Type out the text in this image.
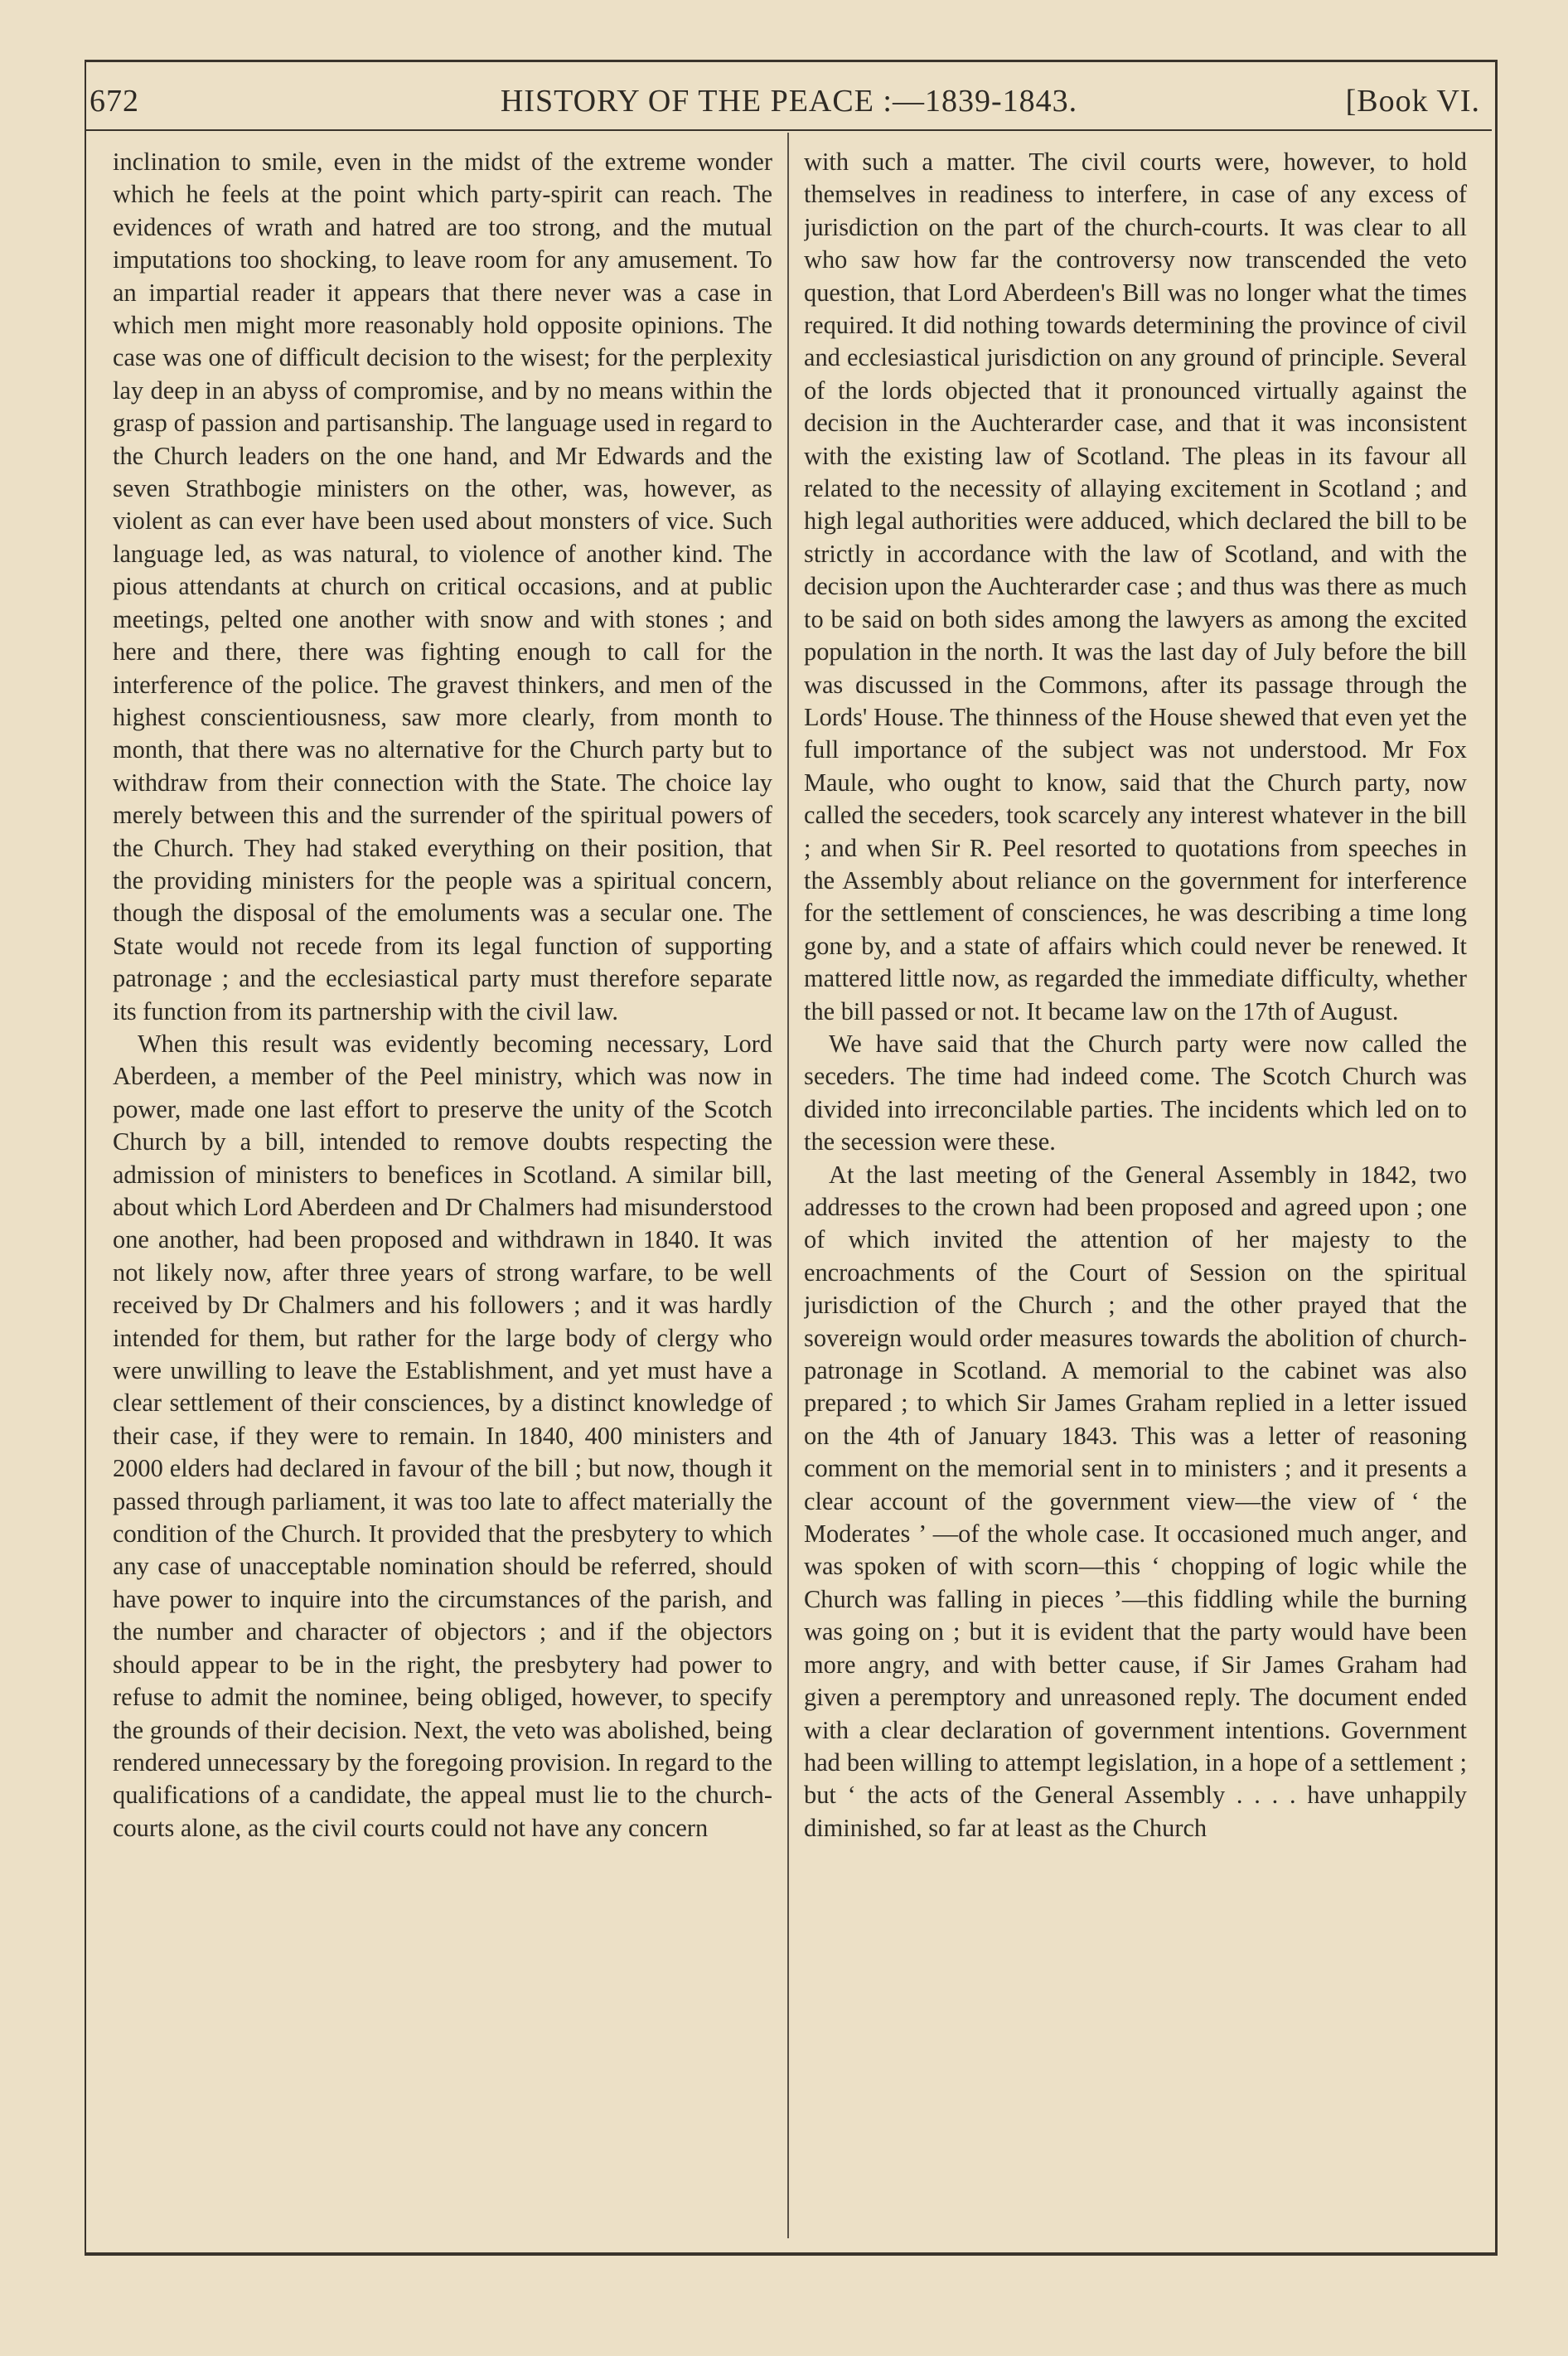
672	HISTORY OF THE PEACE :—1839-1843.	[Book VI.

inclination to smile, even in the midst of the extreme wonder which he feels at the point which party-spirit can reach. The evidences of wrath and hatred are too strong, and the mutual imputations too shocking, to leave room for any amusement. To an impartial reader it appears that there never was a case in which men might more reasonably hold opposite opinions. The case was one of difficult decision to the wisest; for the perplexity lay deep in an abyss of compromise, and by no means within the grasp of passion and partisanship. The language used in regard to the Church leaders on the one hand, and Mr Edwards and the seven Strathbogie ministers on the other, was, however, as violent as can ever have been used about monsters of vice. Such language led, as was natural, to violence of another kind. The pious attendants at church on critical occasions, and at public meetings, pelted one another with snow and with stones ; and here and there, there was fighting enough to call for the interference of the police. The gravest thinkers, and men of the highest conscientiousness, saw more clearly, from month to month, that there was no alternative for the Church party but to withdraw from their connection with the State. The choice lay merely between this and the surrender of the spiritual powers of the Church. They had staked everything on their position, that the providing ministers for the people was a spiritual concern, though the disposal of the emoluments was a secular one. The State would not recede from its legal function of supporting patronage ; and the ecclesiastical party must therefore separate its function from its partnership with the civil law.

When this result was evidently becoming necessary, Lord Aberdeen, a member of the Peel ministry, which was now in power, made one last effort to preserve the unity of the Scotch Church by a bill, intended to remove doubts respecting the admission of ministers to benefices in Scotland. A similar bill, about which Lord Aberdeen and Dr Chalmers had misunderstood one another, had been proposed and withdrawn in 1840. It was not likely now, after three years of strong warfare, to be well received by Dr Chalmers and his followers ; and it was hardly intended for them, but rather for the large body of clergy who were unwilling to leave the Establishment, and yet must have a clear settlement of their consciences, by a distinct knowledge of their case, if they were to remain. In 1840, 400 ministers and 2000 elders had declared in favour of the bill ; but now, though it passed through parliament, it was too late to affect materially the condition of the Church. It provided that the presbytery to which any case of unacceptable nomination should be referred, should have power to inquire into the circumstances of the parish, and the number and character of objectors ; and if the objectors should appear to be in the right, the presbytery had power to refuse to admit the nominee, being obliged, however, to specify the grounds of their decision. Next, the veto was abolished, being rendered unnecessary by the foregoing provision. In regard to the qualifications of a candidate, the appeal must lie to the church-courts alone, as the civil courts could not have any concern

with such a matter. The civil courts were, however, to hold themselves in readiness to interfere, in case of any excess of jurisdiction on the part of the church-courts. It was clear to all who saw how far the controversy now transcended the veto question, that Lord Aberdeen's Bill was no longer what the times required. It did nothing towards determining the province of civil and ecclesiastical jurisdiction on any ground of principle. Several of the lords objected that it pronounced virtually against the decision in the Auchterarder case, and that it was inconsistent with the existing law of Scotland. The pleas in its favour all related to the necessity of allaying excitement in Scotland ; and high legal authorities were adduced, which declared the bill to be strictly in accordance with the law of Scotland, and with the decision upon the Auchterarder case ; and thus was there as much to be said on both sides among the lawyers as among the excited population in the north. It was the last day of July before the bill was discussed in the Commons, after its passage through the Lords' House. The thinness of the House shewed that even yet the full importance of the subject was not understood. Mr Fox Maule, who ought to know, said that the Church party, now called the seceders, took scarcely any interest whatever in the bill ; and when Sir R. Peel resorted to quotations from speeches in the Assembly about reliance on the government for interference for the settlement of consciences, he was describing a time long gone by, and a state of affairs which could never be renewed. It mattered little now, as regarded the immediate difficulty, whether the bill passed or not. It became law on the 17th of August.

We have said that the Church party were now called the seceders. The time had indeed come. The Scotch Church was divided into irreconcilable parties. The incidents which led on to the secession were these.

At the last meeting of the General Assembly in 1842, two addresses to the crown had been proposed and agreed upon ; one of which invited the attention of her majesty to the encroachments of the Court of Session on the spiritual jurisdiction of the Church ; and the other prayed that the sovereign would order measures towards the abolition of church-patronage in Scotland. A memorial to the cabinet was also prepared ; to which Sir James Graham replied in a letter issued on the 4th of January 1843. This was a letter of reasoning comment on the memorial sent in to ministers ; and it presents a clear account of the government view—the view of ‘ the Moderates ’ —of the whole case. It occasioned much anger, and was spoken of with scorn—this ‘ chopping of logic while the Church was falling in pieces ’—this fiddling while the burning was going on ; but it is evident that the party would have been more angry, and with better cause, if Sir James Graham had given a peremptory and unreasoned reply. The document ended with a clear declaration of government intentions. Government had been willing to attempt legislation, in a hope of a settlement ; but ‘ the acts of the General Assembly . . . . have unhappily diminished, so far at least as the Church
